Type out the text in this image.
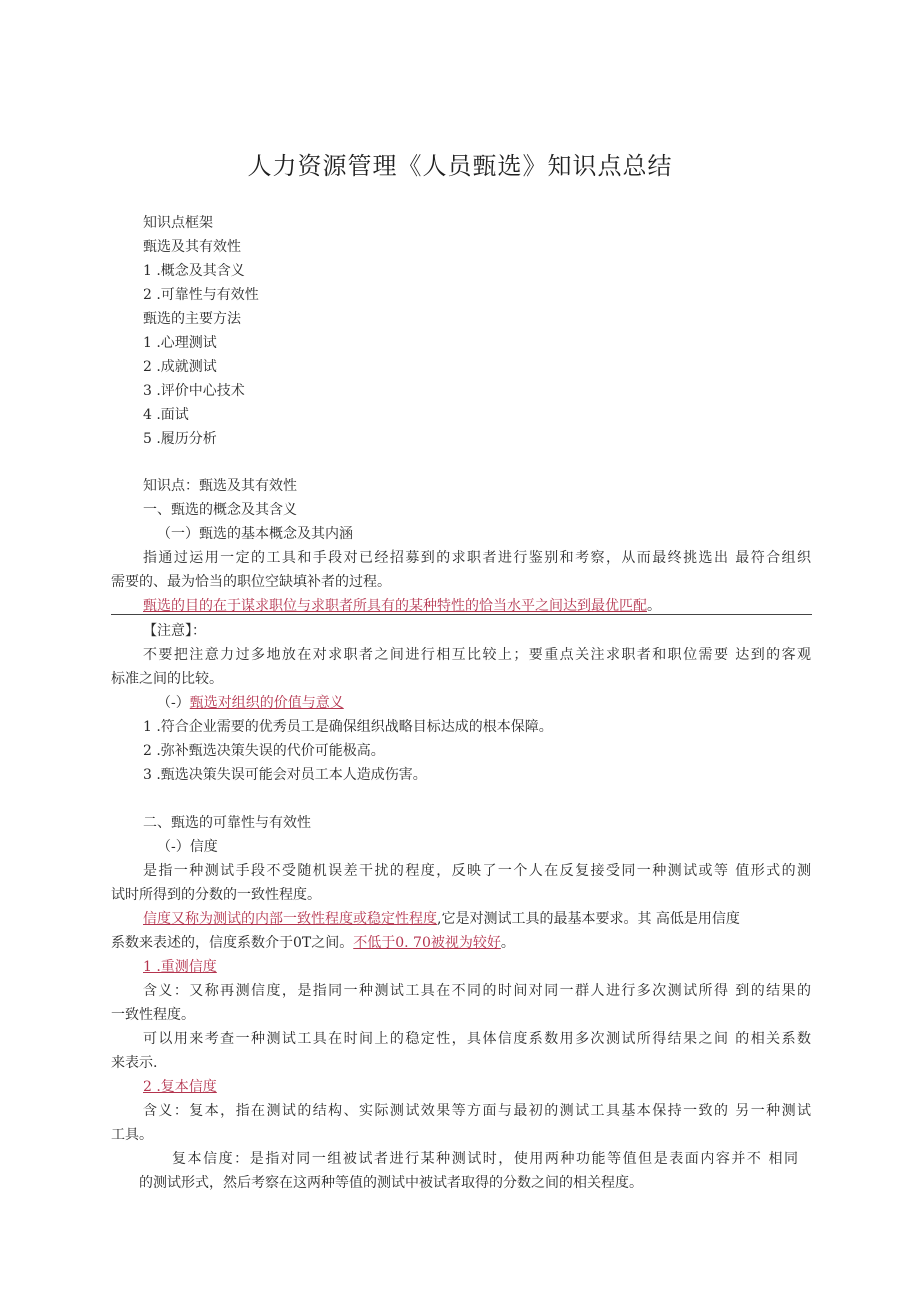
人力资源管理《人员甄选》知识点总结
知识点框架
甄选及其有效性
1 .概念及其含义
2 .可靠性与有效性
甄选的主要方法
1 .心理测试
2 .成就测试
3 .评价中心技术
4 .面试
5 .履历分析
知识点：甄选及其有效性
一、甄选的概念及其含义
（一）甄选的基本概念及其内涵
指通过运用一定的工具和手段对已经招募到的求职者进行鉴别和考察，从而最终挑选出 最符合组织
需要的、最为恰当的职位空缺填补者的过程。
甄选的目的在于谋求职位与求职者所具有的某种特性的恰当水平之间达到最优匹配。
【注意】：
不要把注意力过多地放在对求职者之间进行相互比较上；要重点关注求职者和职位需要 达到的客观
标准之间的比较。
（-）甄选对组织的价值与意义
1 .符合企业需要的优秀员工是确保组织战略目标达成的根本保障。
2 .弥补甄选决策失误的代价可能极高。
3 .甄选决策失误可能会对员工本人造成伤害。
二、甄选的可靠性与有效性
（-）信度
是指一种测试手段不受随机误差干扰的程度，反映了一个人在反复接受同一种测试或等 值形式的测
试时所得到的分数的一致性程度。
信度又称为测试的内部一致性程度或稳定性程度,它是对测试工具的最基本要求。其 高低是用信度
系数来表述的，信度系数介于0T之间。不低于0. 70被视为较好。
1 .重测信度
含义：又称再测信度，是指同一种测试工具在不同的时间对同一群人进行多次测试所得 到的结果的
一致性程度。
可以用来考查一种测试工具在时间上的稳定性，具体信度系数用多次测试所得结果之间 的相关系数
来表示.
2 .复本信度
含义：复本，指在测试的结构、实际测试效果等方面与最初的测试工具基本保持一致的 另一种测试
工具。
复本信度：是指对同一组被试者进行某种测试时，使用两种功能等值但是表面内容并不 相同
的测试形式，然后考察在这两种等值的测试中被试者取得的分数之间的相关程度。
